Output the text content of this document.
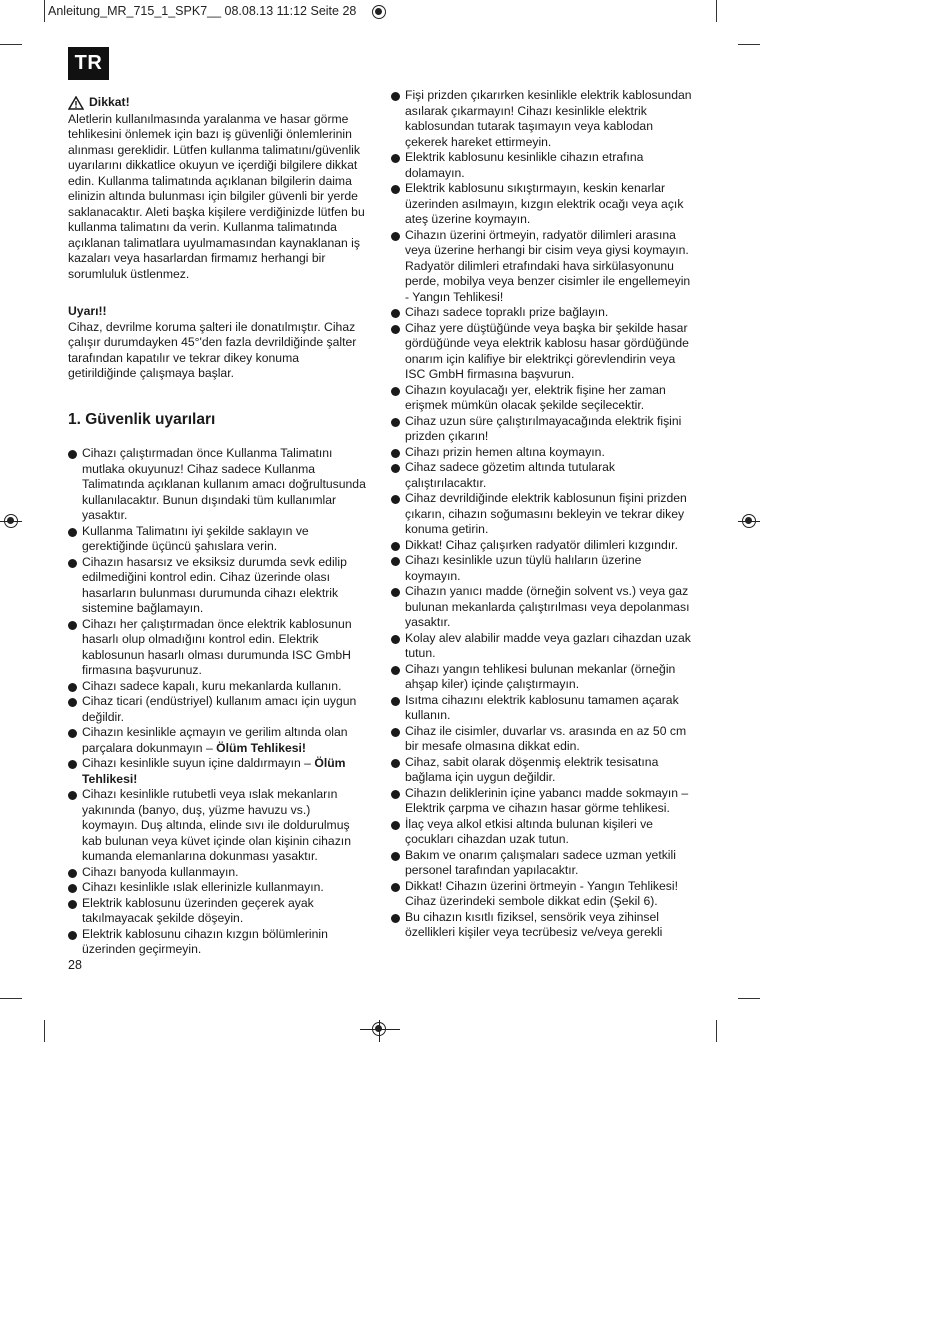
Anleitung_MR_715_1_SPK7__ 08.08.13 11:12 Seite 28
TR
Dikkat!

Aletlerin kullanılmasında yaralanma ve hasar görme tehlikesini önlemek için bazı iş güvenliği önlemlerinin alınması gereklidir. Lütfen kullanma talimatını/güvenlik uyarılarını dikkatlice okuyun ve içerdiği bilgilere dikkat edin. Kullanma talimatında açıklanan bilgilerin daima elinizin altında bulunması için bilgiler güvenli bir yerde saklanacaktır. Aleti başka kişilere verdiğinizde lütfen bu kullanma talimatını da verin. Kullanma talimatında açıklanan talimatlara uyulmamasından kaynaklanan iş kazaları veya hasarlardan firmamız herhangi bir sorumluluk üstlenmez.

Uyarı!!

Cihaz, devrilme koruma şalteri ile donatılmıştır. Cihaz çalışır durumdayken 45°'den fazla devrildiğinde şalter tarafından kapatılır ve tekrar dikey konuma getirildiğinde çalışmaya başlar.

1. Güvenlik uyarıları
Cihazı çalıştırmadan önce Kullanma Talimatını mutlaka okuyunuz! Cihaz sadece Kullanma Talimatında açıklanan kullanım amacı doğrultusunda kullanılacaktır. Bunun dışındaki tüm kullanımlar yasaktır.
Kullanma Talimatını iyi şekilde saklayın ve gerektiğinde üçüncü şahıslara verin.
Cihazın hasarsız ve eksiksiz durumda sevk edilip edilmediğini kontrol edin. Cihaz üzerinde olası hasarların bulunması durumunda cihazı elektrik sistemine bağlamayın.
Cihazı her çalıştırmadan önce elektrik kablosunun hasarlı olup olmadığını kontrol edin. Elektrik kablosunun hasarlı olması durumunda ISC GmbH firmasına başvurunuz.
Cihazı sadece kapalı, kuru mekanlarda kullanın.
Cihaz ticari (endüstriyel) kullanım amacı için uygun değildir.
Cihazın kesinlikle açmayın ve gerilim altında olan parçalara dokunmayın – Ölüm Tehlikesi!
Cihazı kesinlikle suyun içine daldırmayın – Ölüm Tehlikesi!
Cihazı kesinlikle rutubetli veya ıslak mekanların yakınında (banyo, duş, yüzme havuzu vs.) koymayın. Duş altında, elinde sıvı ile doldurulmuş kab bulunan veya küvet içinde olan kişinin cihazın kumanda elemanlarına dokunması yasaktır.
Cihazı banyoda kullanmayın.
Cihazı kesinlikle ıslak ellerinizle kullanmayın.
Elektrik kablosunu üzerinden geçerek ayak takılmayacak şekilde döşeyin.
Elektrik kablosunu cihazın kızgın bölümlerinin üzerinden geçirmeyin.
Fişi prizden çıkarırken kesinlikle elektrik kablosundan asılarak çıkarmayın! Cihazı kesinlikle elektrik kablosundan tutarak taşımayın veya kablodan çekerek hareket ettirmeyin.
Elektrik kablosunu kesinlikle cihazın etrafına dolamayın.
Elektrik kablosunu sıkıştırmayın, keskin kenarlar üzerinden asılmayın, kızgın elektrik ocağı veya açık ateş üzerine koymayın.
Cihazın üzerini örtmeyin, radyatör dilimleri arasına veya üzerine herhangi bir cisim veya giysi koymayın. Radyatör dilimleri etrafındaki hava sirkülasyonunu perde, mobilya veya benzer cisimler ile engellemeyin - Yangın Tehlikesi!
Cihazı sadece topraklı prize bağlayın.
Cihaz yere düştüğünde veya başka bir şekilde hasar gördüğünde veya elektrik kablosu hasar gördüğünde onarım için kalifiye bir elektrikçi görevlendirin veya ISC GmbH firmasına başvurun.
Cihazın koyulacağı yer, elektrik fişine her zaman erişmek mümkün olacak şekilde seçilecektir.
Cihaz uzun süre çalıştırılmayacağında elektrik fişini prizden çıkarın!
Cihazı prizin hemen altına koymayın.
Cihaz sadece gözetim altında tutularak çalıştırılacaktır.
Cihaz devrildiğinde elektrik kablosunun fişini prizden çıkarın, cihazın soğumasını bekleyin ve tekrar dikey konuma getirin.
Dikkat! Cihaz çalışırken radyatör dilimleri kızgındır.
Cihazı kesinlikle uzun tüylü halıların üzerine koymayın.
Cihazın yanıcı madde (örneğin solvent vs.) veya gaz bulunan mekanlarda çalıştırılması veya depolanması yasaktır.
Kolay alev alabilir madde veya gazları cihazdan uzak tutun.
Cihazı yangın tehlikesi bulunan mekanlar (örneğin ahşap kiler) içinde çalıştırmayın.
Isıtma cihazını elektrik kablosunu tamamen açarak kullanın.
Cihaz ile cisimler, duvarlar vs. arasında en az 50 cm bir mesafe olmasına dikkat edin.
Cihaz, sabit olarak döşenmiş elektrik tesisatına bağlama için uygun değildir.
Cihazın deliklerinin içine yabancı madde sokmayın – Elektrik çarpma ve cihazın hasar görme tehlikesi.
İlaç veya alkol etkisi altında bulunan kişileri ve çocukları cihazdan uzak tutun.
Bakım ve onarım çalışmaları sadece uzman yetkili personel tarafından yapılacaktır.
Dikkat! Cihazın üzerini örtmeyin - Yangın Tehlikesi! Cihaz üzerindeki sembole dikkat edin (Şekil 6).
Bu cihazın kısıtlı fiziksel, sensörik veya zihinsel özellikleri kişiler veya tecrübesiz ve/veya gerekli
28
